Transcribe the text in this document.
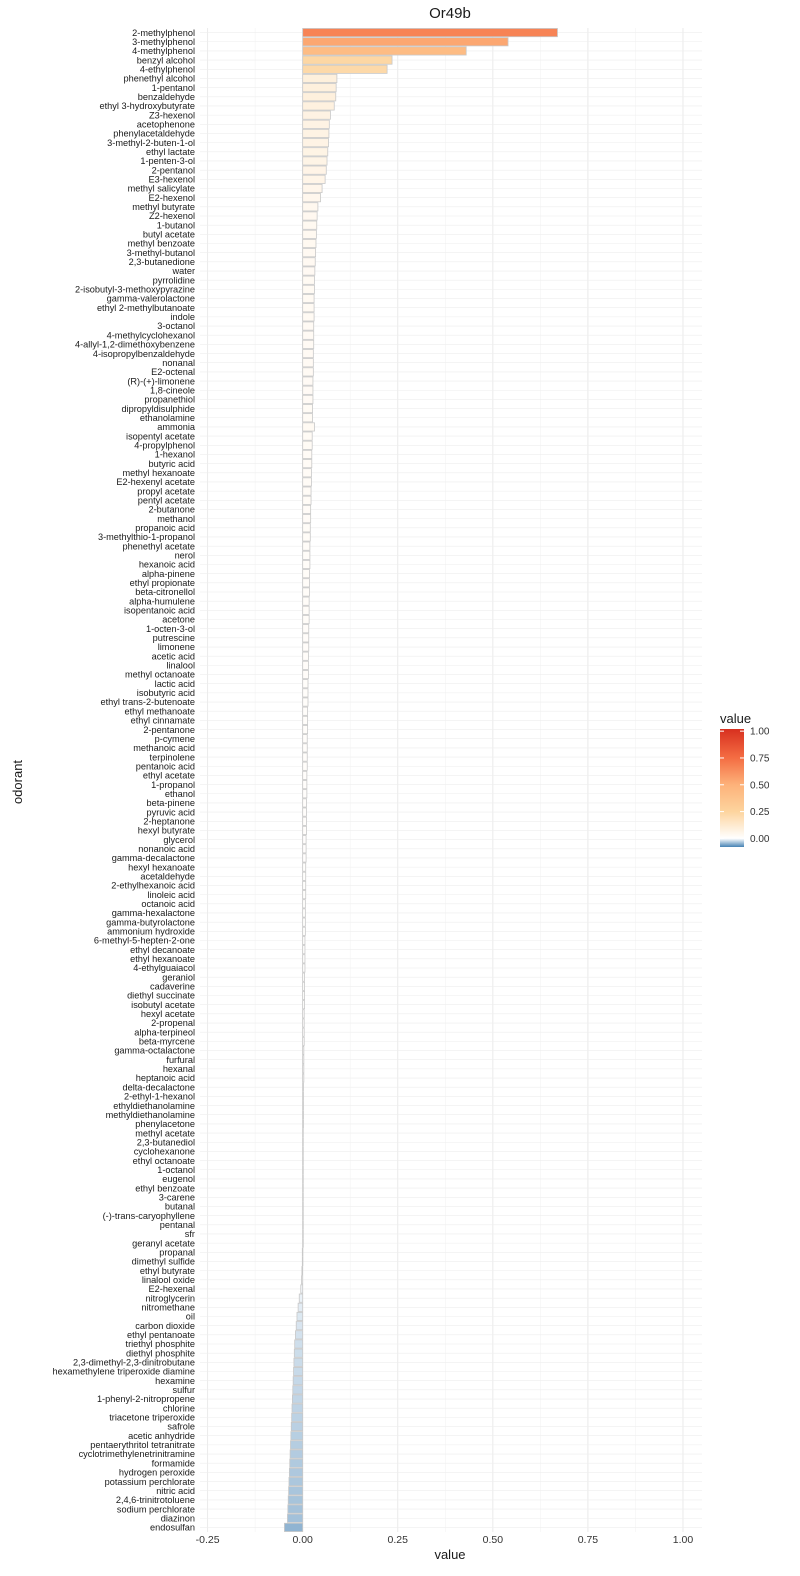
Or49b
2-methylphenol
3-methylphenol
4-methylphenol
benzyl alcohol
4-ethylphenol
phenethyl alcohol
1-pentanol
benzaldehyde
ethyl 3-hydroxybutyrate
Z3-hexenol
acetophenone
phenylacetaldehyde
3-methyl-2-buten-1-ol
ethyl lactate
1-penten-3-ol
2-pentanol
E3-hexenol
methyl salicylate
E2-hexenol
methyl butyrate
Z2-hexenol
1-butanol
butyl acetate
methyl benzoate
3-methyl-butanol
2,3-butanedione
water
pyrrolidine
2-isobutyl-3-methoxypyrazine
gamma-valerolactone
ethyl 2-methylbutanoate
indole
3-octanol
4-methylcyclohexanol
4-allyl-1,2-dimethoxybenzene
4-isopropylbenzaldehyde
nonanal
E2-octenal
(R)-(+)-limonene
1,8-cineole
propanethiol
dipropyldisulphide
ethanolamine
ammonia
isopentyl acetate
4-propylphenol
1-hexanol
butyric acid
methyl hexanoate
E2-hexenyl acetate
propyl acetate
pentyl acetate
2-butanone
methanol
propanoic acid
3-methylthio-1-propanol
phenethyl acetate
nerol
hexanoic acid
alpha-pinene
ethyl propionate
beta-citronellol
alpha-humulene
isopentanoic acid
acetone
1-octen-3-ol
putrescine
limonene
acetic acid
linalool
methyl octanoate
lactic acid
isobutyric acid
ethyl trans-2-butenoate
ethyl methanoate
ethyl cinnamate
2-pentanone
p-cymene
methanoic acid
terpinolene
pentanoic acid
ethyl acetate
1-propanol
ethanol
beta-pinene
pyruvic acid
2-heptanone
hexyl butyrate
glycerol
nonanoic acid
gamma-decalactone
hexyl hexanoate
acetaldehyde
2-ethylhexanoic acid
linoleic acid
octanoic acid
gamma-hexalactone
gamma-butyrolactone
ammonium hydroxide
6-methyl-5-hepten-2-one
ethyl decanoate
ethyl hexanoate
4-ethylguaiacol
geraniol
cadaverine
diethyl succinate
isobutyl acetate
hexyl acetate
2-propenal
alpha-terpineol
beta-myrcene
gamma-octalactone
furfural
hexanal
heptanoic acid
delta-decalactone
2-ethyl-1-hexanol
ethyldiethanolamine
methyldiethanolamine
phenylacetone
methyl acetate
2,3-butanediol
cyclohexanone
ethyl octanoate
1-octanol
eugenol
ethyl benzoate
3-carene
butanal
(-)-trans-caryophyllene
pentanal
sfr
geranyl acetate
propanal
dimethyl sulfide
ethyl butyrate
linalool oxide
E2-hexenal
nitroglycerin
nitromethane
oil
carbon dioxide
ethyl pentanoate
triethyl phosphite
diethyl phosphite
2,3-dimethyl-2,3-dinitrobutane
hexamethylene triperoxide diamine
hexamine
sulfur
1-phenyl-2-nitropropene
chlorine
triacetone triperoxide
safrole
acetic anhydride
pentaerythritol tetranitrate
cyclotrimethylenetrinitramine
formamide
hydrogen peroxide
potassium perchlorate
nitric acid
2,4,6-trinitrotoluene
sodium perchlorate
diazinon
endosulfan
-0.25	0.00	0.25	0.50	0.75	1.00
value
odorant
value
1.00
0.75
0.50
0.25
0.00
